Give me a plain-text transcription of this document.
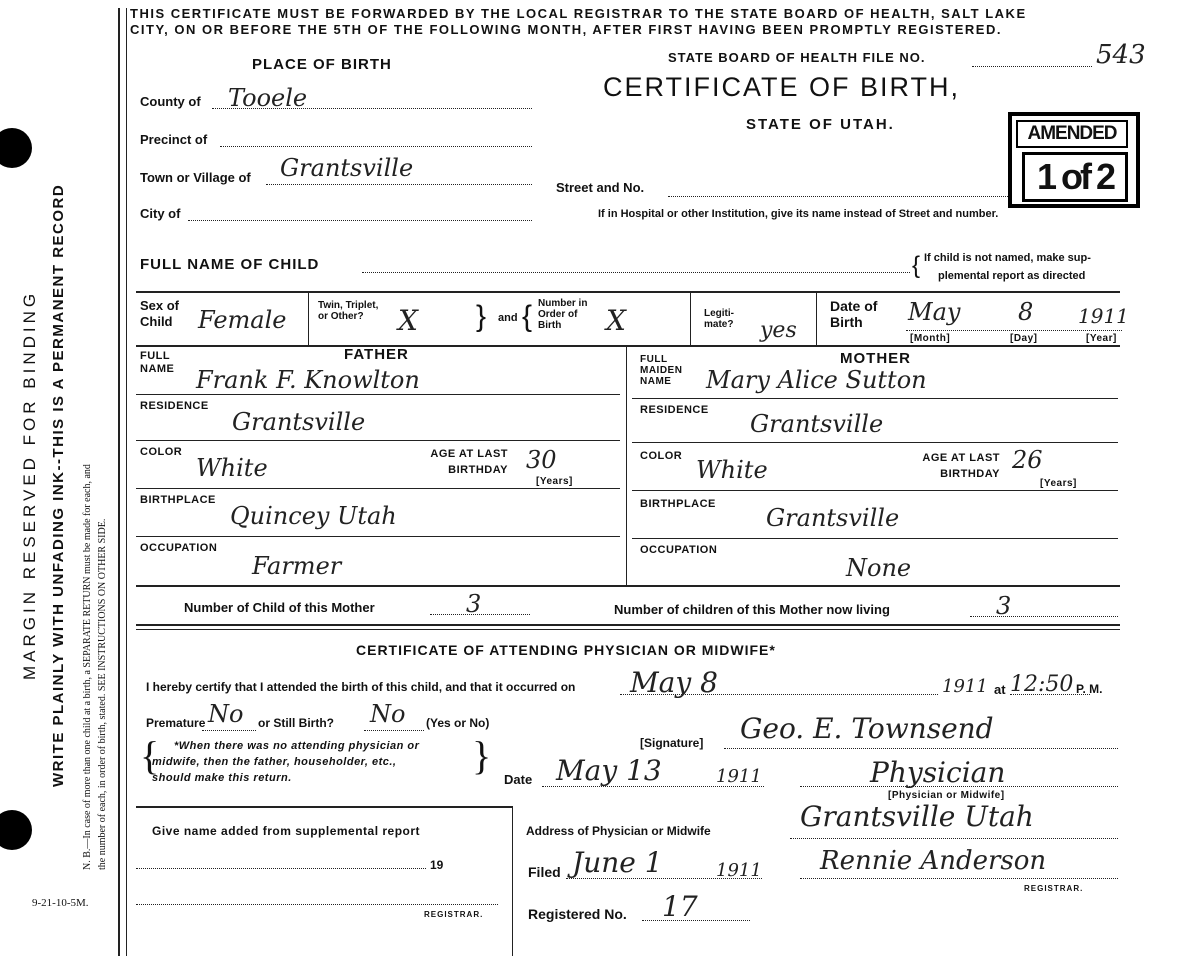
MARGIN RESERVED FOR BINDING WRITE PLAINLY WITH UNFADING INK--THIS IS A PERMANENT RECORD N. B.—In case of more than one child at a birth, a SEPARATE RETURN must be made for each, and the number of each, in order of birth, stated. SEE INSTRUCTIONS ON OTHER SIDE.
9-21-10-5M.
THIS CERTIFICATE MUST BE FORWARDED BY THE LOCAL REGISTRAR TO THE STATE BOARD OF HEALTH, SALT LAKE
CITY, ON OR BEFORE THE 5TH OF THE FOLLOWING MONTH, AFTER FIRST HAVING BEEN PROMPTLY REGISTERED.
STATE BOARD OF HEALTH FILE NO.	543
CERTIFICATE OF BIRTH,
STATE OF UTAH.	AMENDED
1 of 2
PLACE OF BIRTH
County of Tooele
Precinct of
Town or Village of Grantsville
City of
Street and No.
If in Hospital or other Institution, give its name instead of Street and number.
FULL NAME OF CHILD	{ If child is not named, make sup-
plemental report as directed
Sex of Child	Female
Twin, Triplet, or Other?	X } and { Number in Order of Birth	X	Legiti-mate?	yes
Date of Birth	May 8 1911
[Month]	[Day]	[Year]
FATHER
FULL NAME Frank F. Knowlton
RESIDENCE
Grantsville
COLOR
White	AGE AT LAST BIRTHDAY 30
[Years]
BIRTHPLACE
Quincey Utah
OCCUPATION
Farmer
MOTHER
FULL MAIDEN NAME	Mary Alice Sutton
RESIDENCE Grantsville
COLOR White	AGE AT LAST BIRTHDAY 26
[Years]
BIRTHPLACE Grantsville
OCCUPATION
None
Number of Child of this Mother	3	Number of children of this Mother now living	3
CERTIFICATE OF ATTENDING PHYSICIAN OR MIDWIFE*
I hereby certify that I attended the birth of this child, and that it occurred on May 8	1911 at 12:50 P. M.
Premature No or Still Birth? No (Yes or No)
{ *When there was no attending physician or
midwife, then the father, householder, etc.,
should make this return.	}	[Signature] Geo. E. Townsend
Date May 13	1911	Physician
[Physician or Midwife]
Address of Physician or Midwife	Grantsville Utah
Give name added from supplemental report
19
REGISTRAR.
Filed June 1	1911 Rennie Anderson
REGISTRAR.
Registered No. 17
